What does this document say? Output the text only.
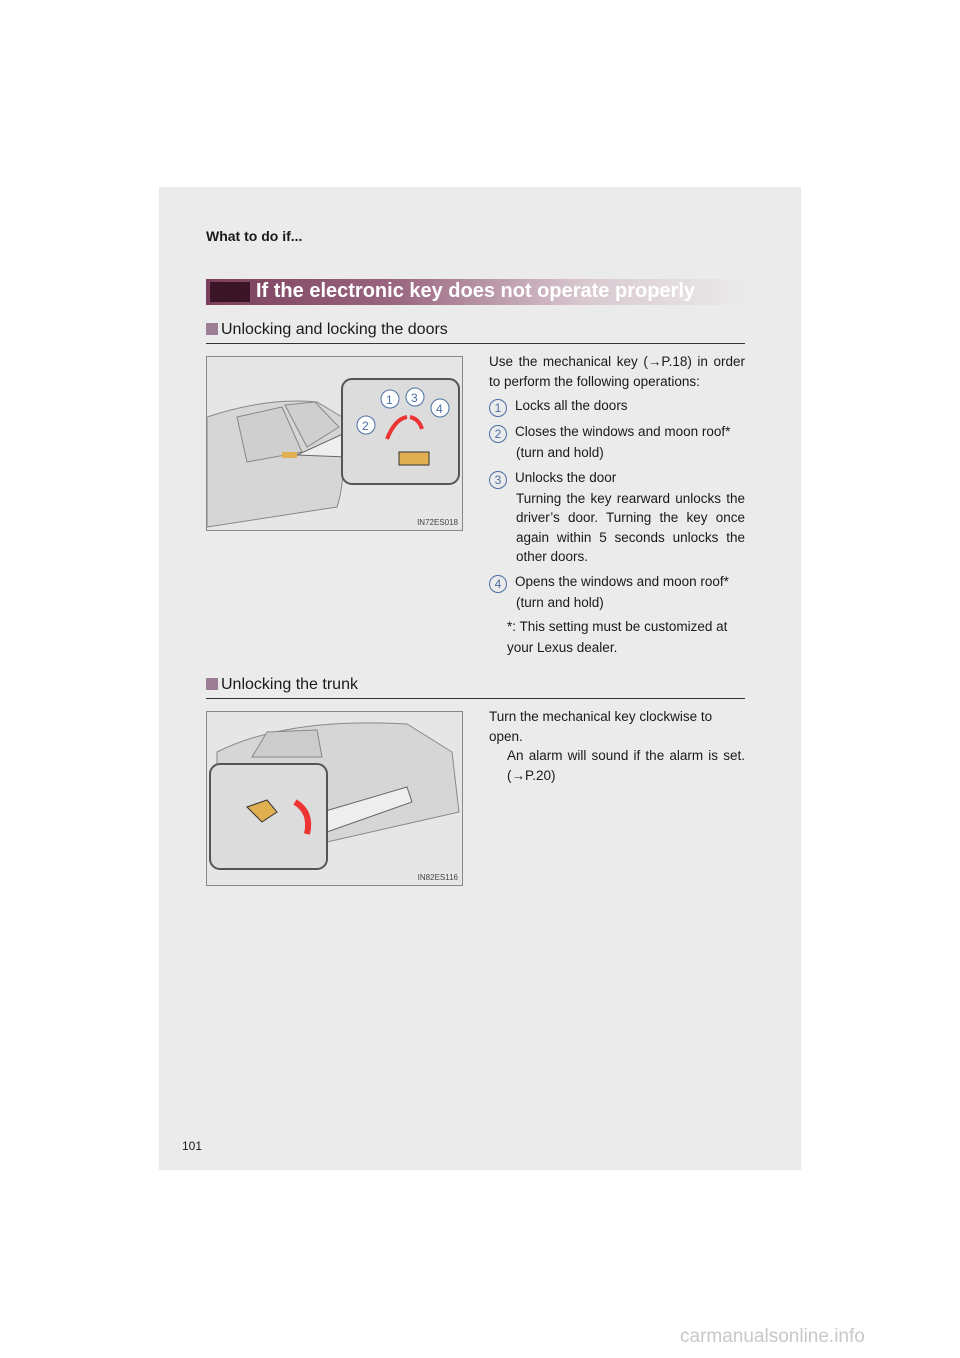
What to do if...
If the electronic key does not operate properly
Unlocking and locking the doors
1 3
2
4
IN72ES018
Use the mechanical key (→P.18) in order to perform the following operations:
1 Locks all the doors
2 Closes the windows and moon roof*
(turn and hold)
3 Unlocks the door
Turning the key rearward unlocks the driver’s door. Turning the key once again within 5 seconds unlocks the other doors.
4 Opens the windows and moon roof*
(turn and hold)
*: This setting must be customized at your Lexus dealer.
Unlocking the trunk
IN82ES116
Turn the mechanical key clockwise to open.
An alarm will sound if the alarm is set. (→P.20)
101
carmanualsonline.info
